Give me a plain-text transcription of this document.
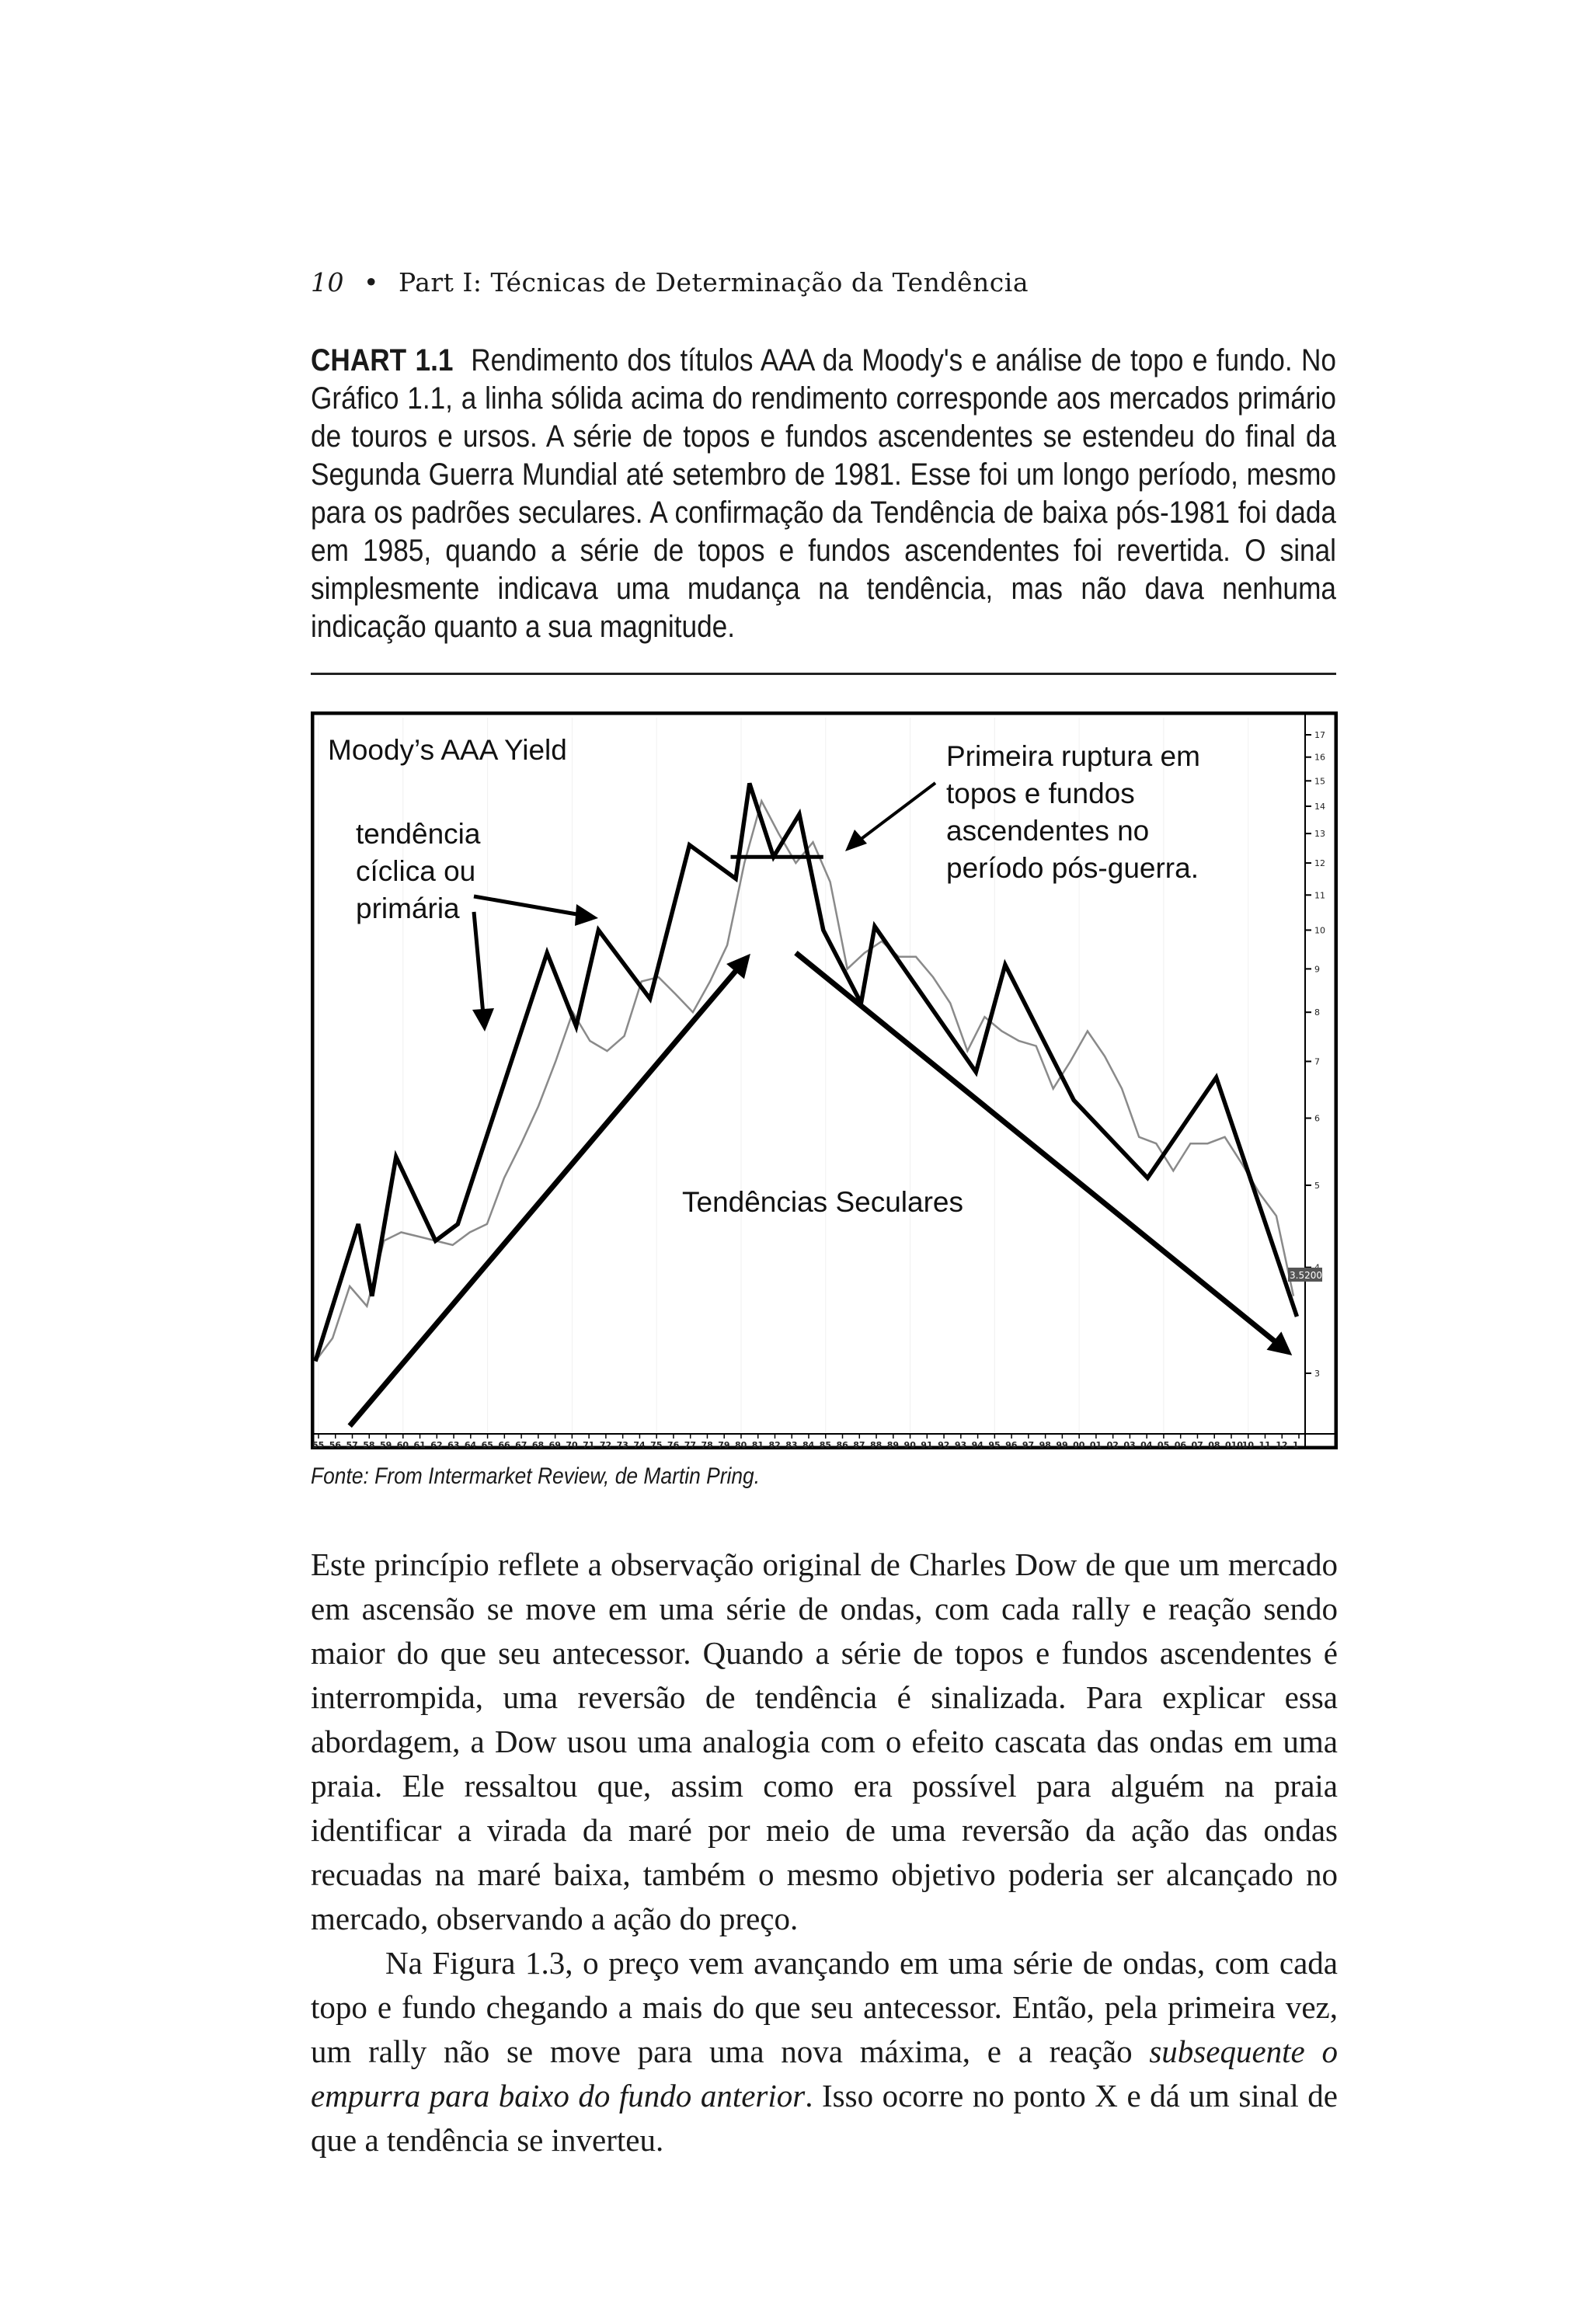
10 • Part I: Técnicas de Determinação da Tendência
CHART 1.1 Rendimento dos títulos AAA da Moody's e análise de topo e fundo. No Gráfico 1.1, a linha sólida acima do rendimento corresponde aos mercados primário de touros e ursos. A série de topos e fundos ascendentes se estendeu do final da Segunda Guerra Mundial até setembro de 1981. Esse foi um longo período, mesmo para os padrões seculares. A confirmação da Tendência de baixa pós-1981 foi dada em 1985, quando a série de topos e fundos ascendentes foi revertida. O sinal simplesmente indicava uma mudança na tendência, mas não dava nenhuma indicação quanto a sua magnitude.
17
16
15
14
13
12
11
10
9
8
7
6
5
3
55 56 57 58 59 60 61 62 63 64 65 66 67 68 69 70 71 72 73 74 75 76 77 78 79 80 81 82 83 84 85 86 87 88 89 90 91 92 93 94 95 96 97 98 99 00 01 02 03 04 05 06 07 08 010
10 11 12 1
Moody’s AAA Yield
tendência
cíclica ou
primária
Primeira ruptura em
topos e fundos
ascendentes no
período pós-guerra.
Tendências Seculares
3.5200
Fonte: From Intermarket Review, de Martin Pring.

Este princípio reflete a observação original de Charles Dow de que um mercado em ascensão se move em uma série de ondas, com cada rally e reação sendo maior do que seu antecessor. Quando a série de topos e fundos ascendentes é interrompida, uma reversão de tendência é sinalizada. Para explicar essa abordagem, a Dow usou uma analogia com o efeito cascata das ondas em uma praia. Ele ressaltou que, assim como era possível para alguém na praia identificar a virada da maré por meio de uma reversão da ação das ondas recuadas na maré baixa, também o mesmo objetivo poderia ser alcançado no mercado, observando a ação do preço.

Na Figura 1.3, o preço vem avançando em uma série de ondas, com cada topo e fundo chegando a mais do que seu antecessor. Então, pela primeira vez, um rally não se move para uma nova máxima, e a reação subsequente o empurra para baixo do fundo anterior. Isso ocorre no ponto X e dá um sinal de que a tendência se inverteu.
